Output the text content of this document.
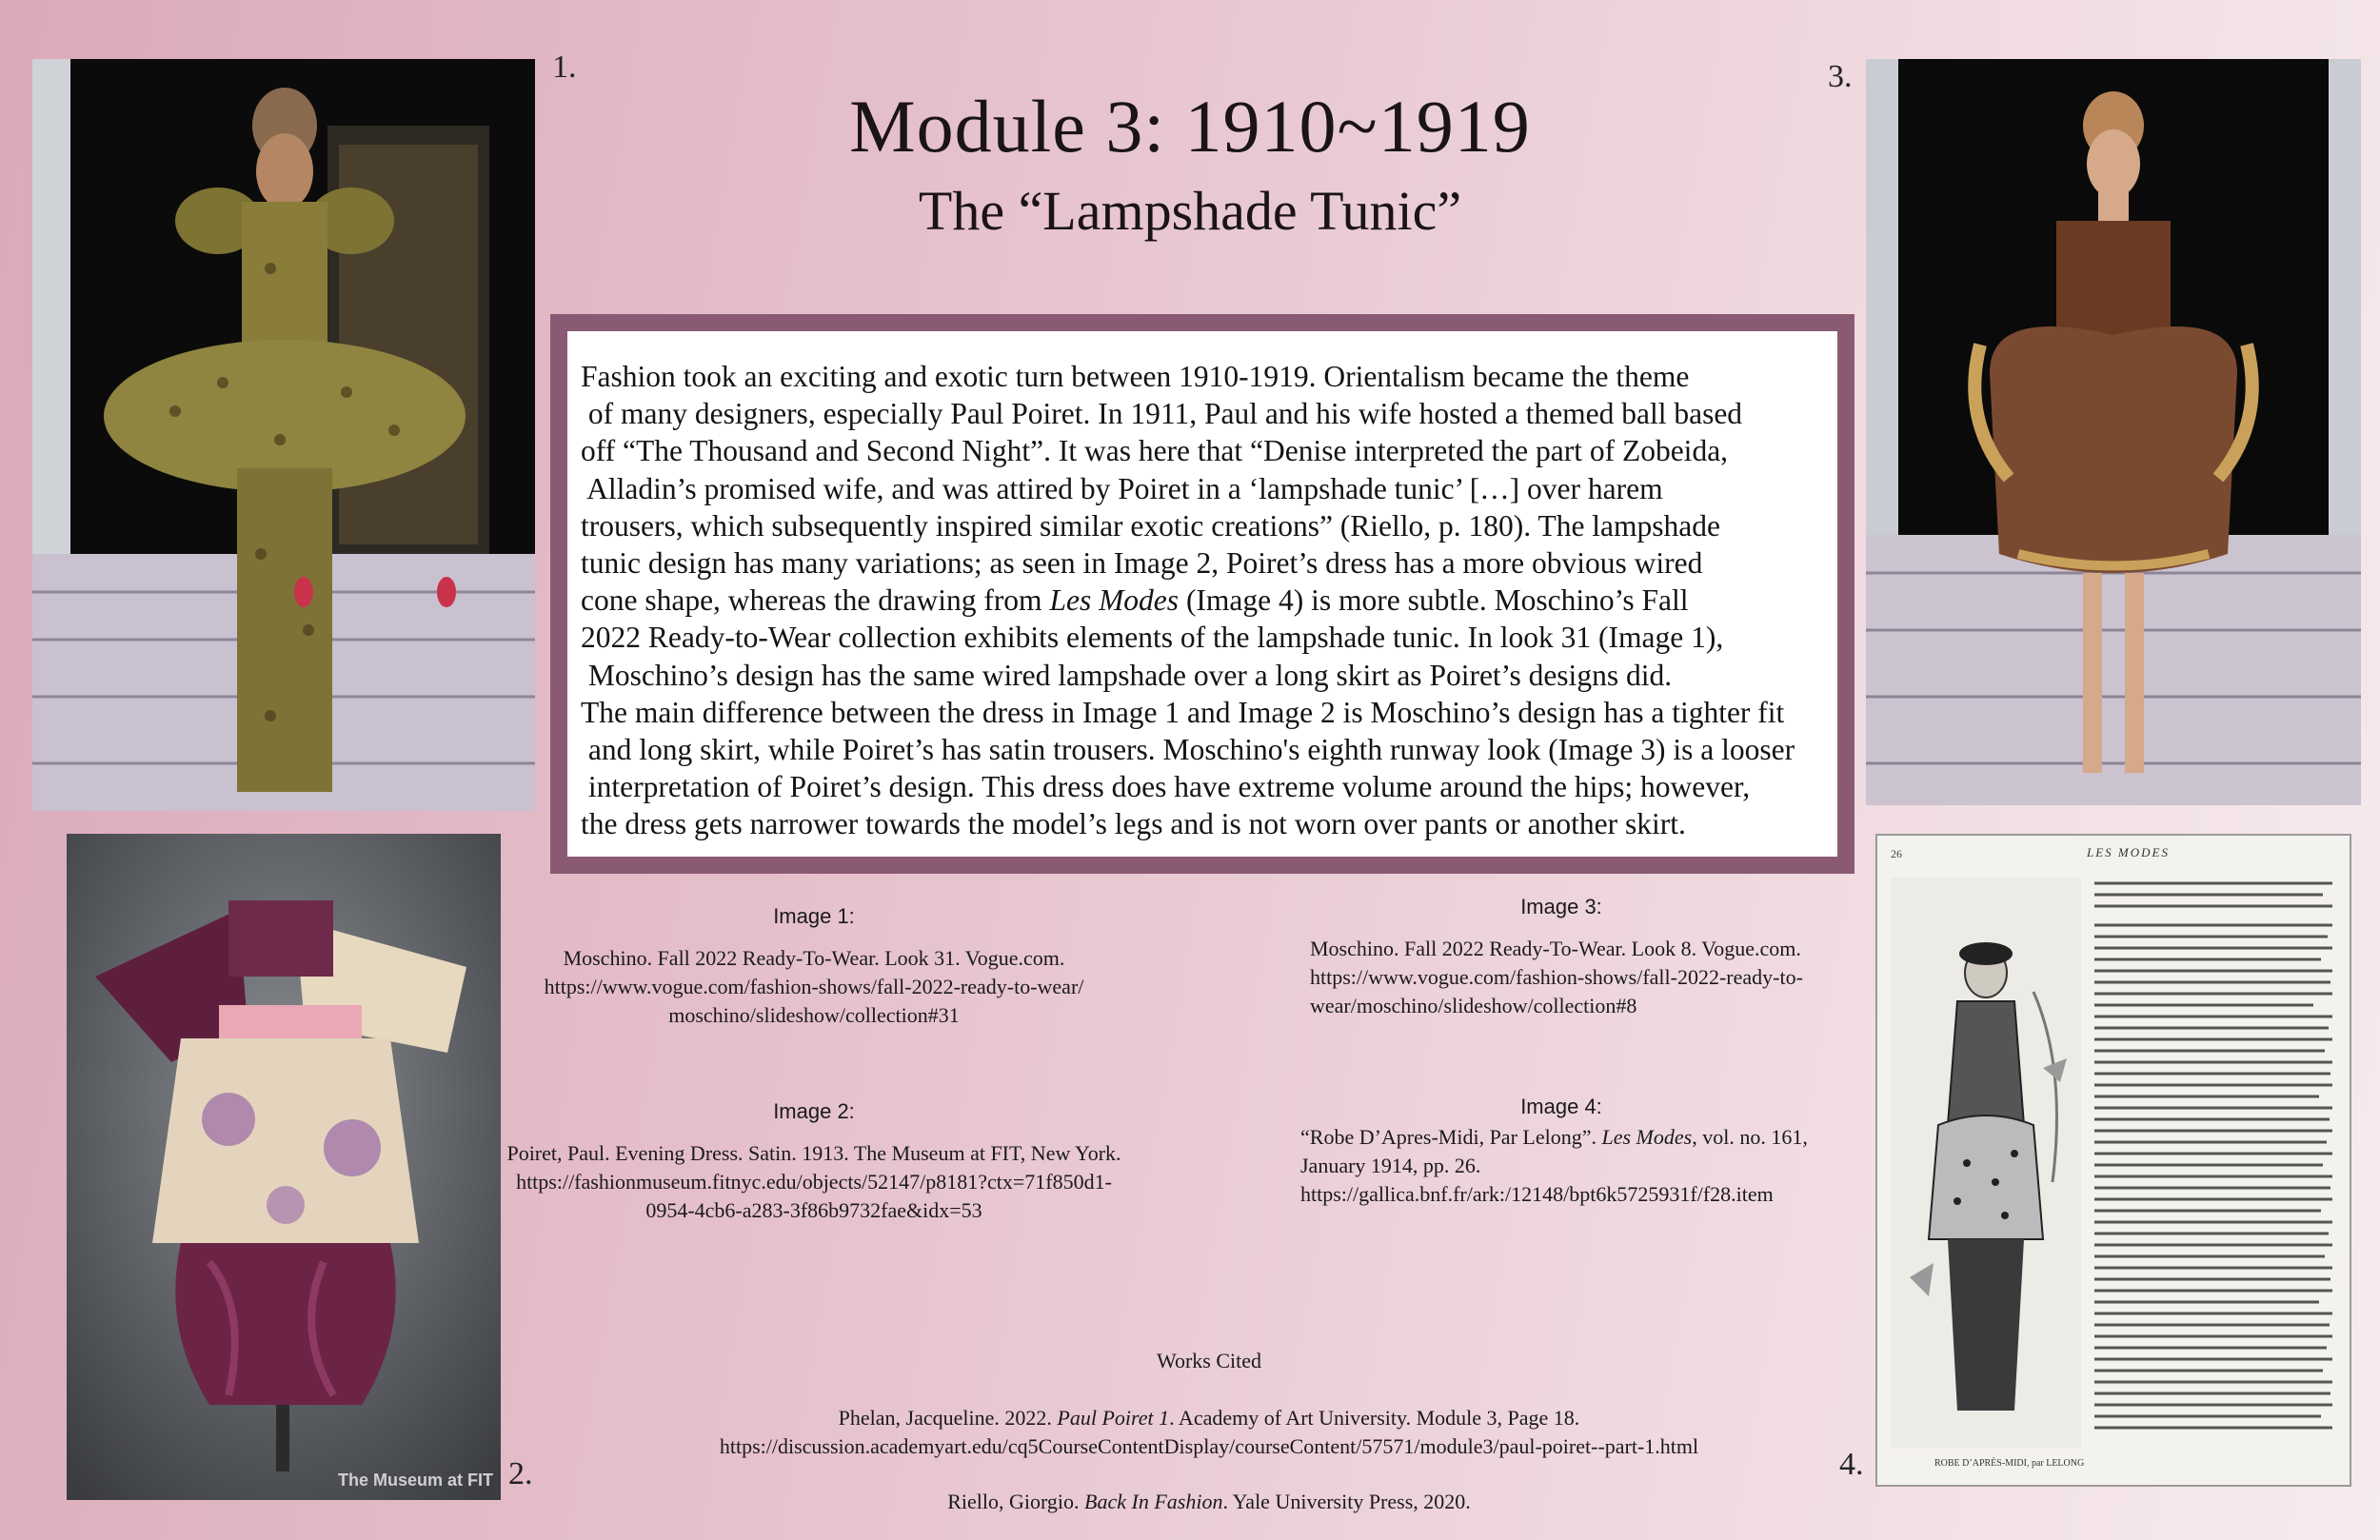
1.
The Museum at FIT 2.
3.
26	LES MODES
ROBE D’APRÈS-MIDI, par LELONG
4.
Module 3: 1910~1919
The “Lampshade Tunic”

Fashion took an exciting and exotic turn between 1910-1919. Orientalism became the theme

of many designers, especially Paul Poiret. In 1911, Paul and his wife hosted a themed ball based

off “The Thousand and Second Night”. It was here that “Denise interpreted the part of Zobeida,

Alladin’s promised wife, and was attired by Poiret in a ‘lampshade tunic’ […] over harem

trousers, which subsequently inspired similar exotic creations” (Riello, p. 180). The lampshade

tunic design has many variations; as seen in Image 2, Poiret’s dress has a more obvious wired

cone shape, whereas the drawing from Les Modes (Image 4) is more subtle. Moschino’s Fall

2022 Ready-to-Wear collection exhibits elements of the lampshade tunic. In look 31 (Image 1),

Moschino’s design has the same wired lampshade over a long skirt as Poiret’s designs did.

The main difference between the dress in Image 1 and Image 2 is Moschino’s design has a tighter fit

and long skirt, while Poiret’s has satin trousers. Moschino's eighth runway look (Image 3) is a looser

interpretation of Poiret’s design. This dress does have extreme volume around the hips; however,

the dress gets narrower towards the model’s legs and is not worn over pants or another skirt.

Image 1:
Moschino. Fall 2022 Ready-To-Wear. Look 31. Vogue.com.
https://www.vogue.com/fashion-shows/fall-2022-ready-to-wear/
moschino/slideshow/collection#31
Image 2:
Poiret, Paul. Evening Dress. Satin. 1913. The Museum at FIT, New York.
https://fashionmuseum.fitnyc.edu/objects/52147/p8181?ctx=71f850d1-
0954-4cb6-a283-3f86b9732fae&idx=53
Image 3:
Moschino. Fall 2022 Ready-To-Wear. Look 8. Vogue.com.
https://www.vogue.com/fashion-shows/fall-2022-ready-to-
wear/moschino/slideshow/collection#8
Image 4:
“Robe D’Apres-Midi, Par Lelong”. Les Modes, vol. no. 161,
January 1914, pp. 26.
https://gallica.bnf.fr/ark:/12148/bpt6k5725931f/f28.item
Works Cited
Phelan, Jacqueline. 2022. Paul Poiret 1. Academy of Art University. Module 3, Page 18.
https://discussion.academyart.edu/cq5CourseContentDisplay/courseContent/57571/module3/paul-poiret--part-1.html
Riello, Giorgio. Back In Fashion. Yale University Press, 2020.
